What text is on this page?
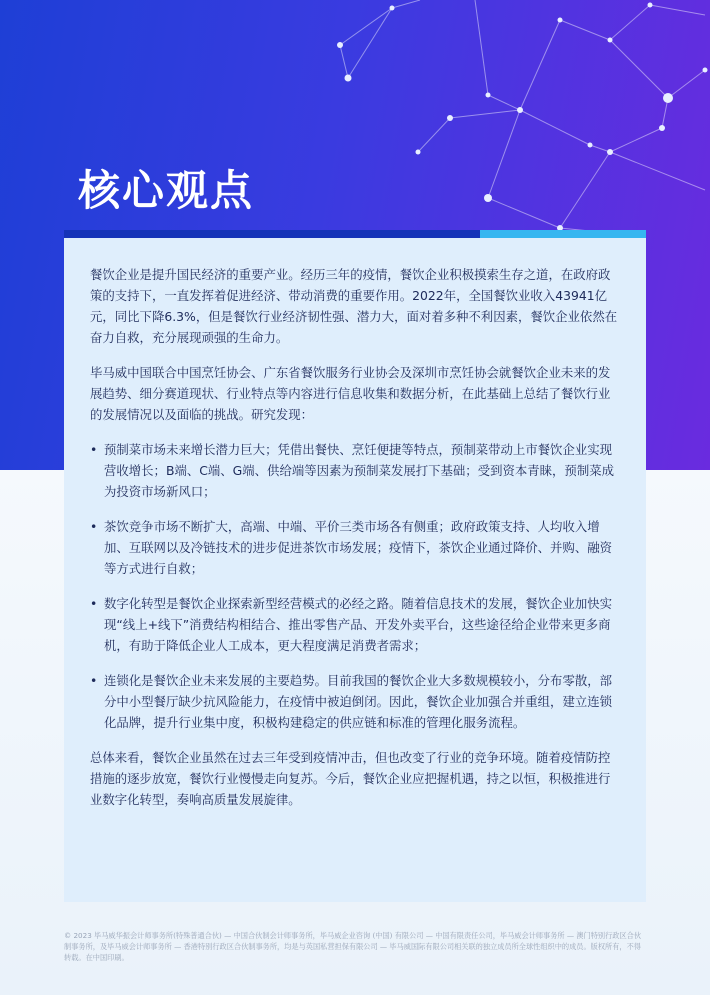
核心观点

餐饮企业是提升国民经济的重要产业。经历三年的疫情，餐饮企业积极摸索生存之道，在政府政策的支持下，一直发挥着促进经济、带动消费的重要作用。2022年，全国餐饮业收入43941亿元，同比下降6.3%，但是餐饮行业经济韧性强、潜力大，面对着多种不利因素，餐饮企业依然在奋力自救，充分展现顽强的生命力。

毕马威中国联合中国烹饪协会、广东省餐饮服务行业协会及深圳市烹饪协会就餐饮企业未来的发展趋势、细分赛道现状、行业特点等内容进行信息收集和数据分析，在此基础上总结了餐饮行业的发展情况以及面临的挑战。研究发现：

• 预制菜市场未来增长潜力巨大；凭借出餐快、烹饪便捷等特点，预制菜带动上市餐饮企业实现营收增长；B端、C端、G端、供给端等因素为预制菜发展打下基础；受到资本青睐，预制菜成为投资市场新风口；
• 茶饮竞争市场不断扩大，高端、中端、平价三类市场各有侧重；政府政策支持、人均收入增加、互联网以及冷链技术的进步促进茶饮市场发展；疫情下，茶饮企业通过降价、并购、融资等方式进行自救；
• 数字化转型是餐饮企业探索新型经营模式的必经之路。随着信息技术的发展，餐饮企业加快实现“线上+线下”消费结构相结合、推出零售产品、开发外卖平台，这些途径给企业带来更多商机，有助于降低企业人工成本，更大程度满足消费者需求；
• 连锁化是餐饮企业未来发展的主要趋势。目前我国的餐饮企业大多数规模较小，分布零散，部分中小型餐厅缺少抗风险能力，在疫情中被迫倒闭。因此，餐饮企业加强合并重组，建立连锁化品牌，提升行业集中度，积极构建稳定的供应链和标准的管理化服务流程。

总体来看，餐饮企业虽然在过去三年受到疫情冲击，但也改变了行业的竞争环境。随着疫情防控措施的逐步放宽，餐饮行业慢慢走向复苏。今后，餐饮企业应把握机遇，持之以恒，积极推进行业数字化转型，奏响高质量发展旋律。

© 2023 毕马威华振会计师事务所(特殊普通合伙) — 中国合伙制会计师事务所，毕马威企业咨询 (中国) 有限公司 — 中国有限责任公司，毕马威会计师事务所 — 澳门特别行政区合伙制事务所，及毕马威会计师事务所 — 香港特别行政区合伙制事务所，均是与英国私营担保有限公司 — 毕马威国际有限公司相关联的独立成员所全球性组织中的成员。版权所有，不得转载。在中国印刷。
